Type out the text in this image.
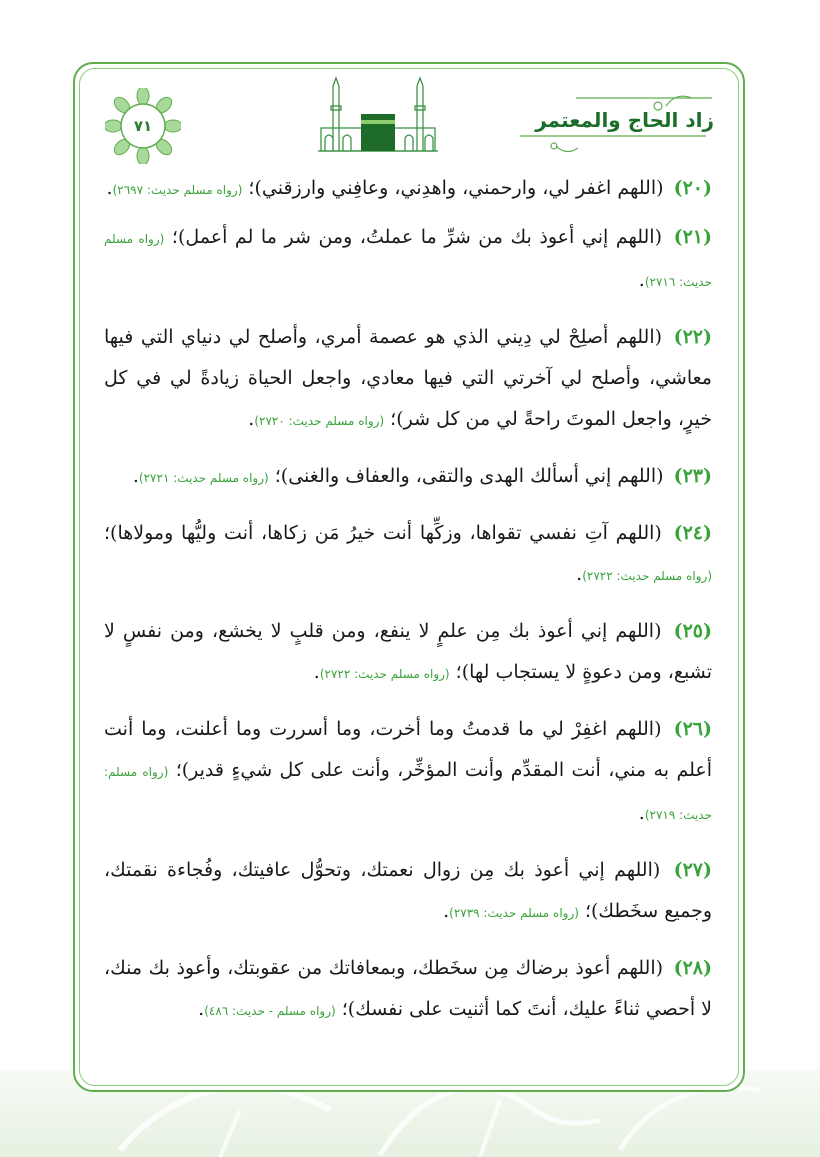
٧١	زاد الحاج والمعتمر

(٢٠) (اللهم اغفر لي، وارحمني، واهدِني، وعافِني وارزقني)؛ (رواه مسلم حديث: ٢٦٩٧).

(٢١) (اللهم إني أعوذ بك من شرِّ ما عملتُ، ومن شر ما لم أعمل)؛ (رواه مسلم حديث: ٢٧١٦).

(٢٢) (اللهم أصلِحْ لي دِيني الذي هو عصمة أمري، وأصلح لي دنياي التي فيها معاشي، وأصلح لي آخرتي التي فيها معادي، واجعل الحياة زيادةً لي في كل خيرٍ، واجعل الموتَ راحةً لي من كل شر)؛ (رواه مسلم حديث: ٢٧٢٠).

(٢٣) (اللهم إني أسألك الهدى والتقى، والعفاف والغنى)؛ (رواه مسلم حديث: ٢٧٢١).

(٢٤) (اللهم آتِ نفسي تقواها، وزكِّها أنت خيرُ مَن زكاها، أنت وليُّها ومولاها)؛ (رواه مسلم حديث: ٢٧٢٢).

(٢٥) (اللهم إني أعوذ بك مِن علمٍ لا ينفع، ومن قلبٍ لا يخشع، ومن نفسٍ لا تشبع، ومن دعوةٍ لا يستجاب لها)؛ (رواه مسلم حديث: ٢٧٢٢).

(٢٦) (اللهم اغفِرْ لي ما قدمتُ وما أخرت، وما أسررت وما أعلنت، وما أنت أعلم به مني، أنت المقدِّم وأنت المؤخِّر، وأنت على كل شيءٍ قدير)؛ (رواه مسلم: حديث: ٢٧١٩).

(٢٧) (اللهم إني أعوذ بك مِن زوال نعمتك، وتحوُّل عافيتك، وفُجاءة نقمتك، وجميع سخَطك)؛ (رواه مسلم حديث: ٢٧٣٩).

(٢٨) (اللهم أعوذ برضاك مِن سخَطك، وبمعافاتك من عقوبتك، وأعوذ بك منك، لا أحصي ثناءً عليك، أنتَ كما أثنيت على نفسك)؛ (رواه مسلم - حديث: ٤٨٦).
